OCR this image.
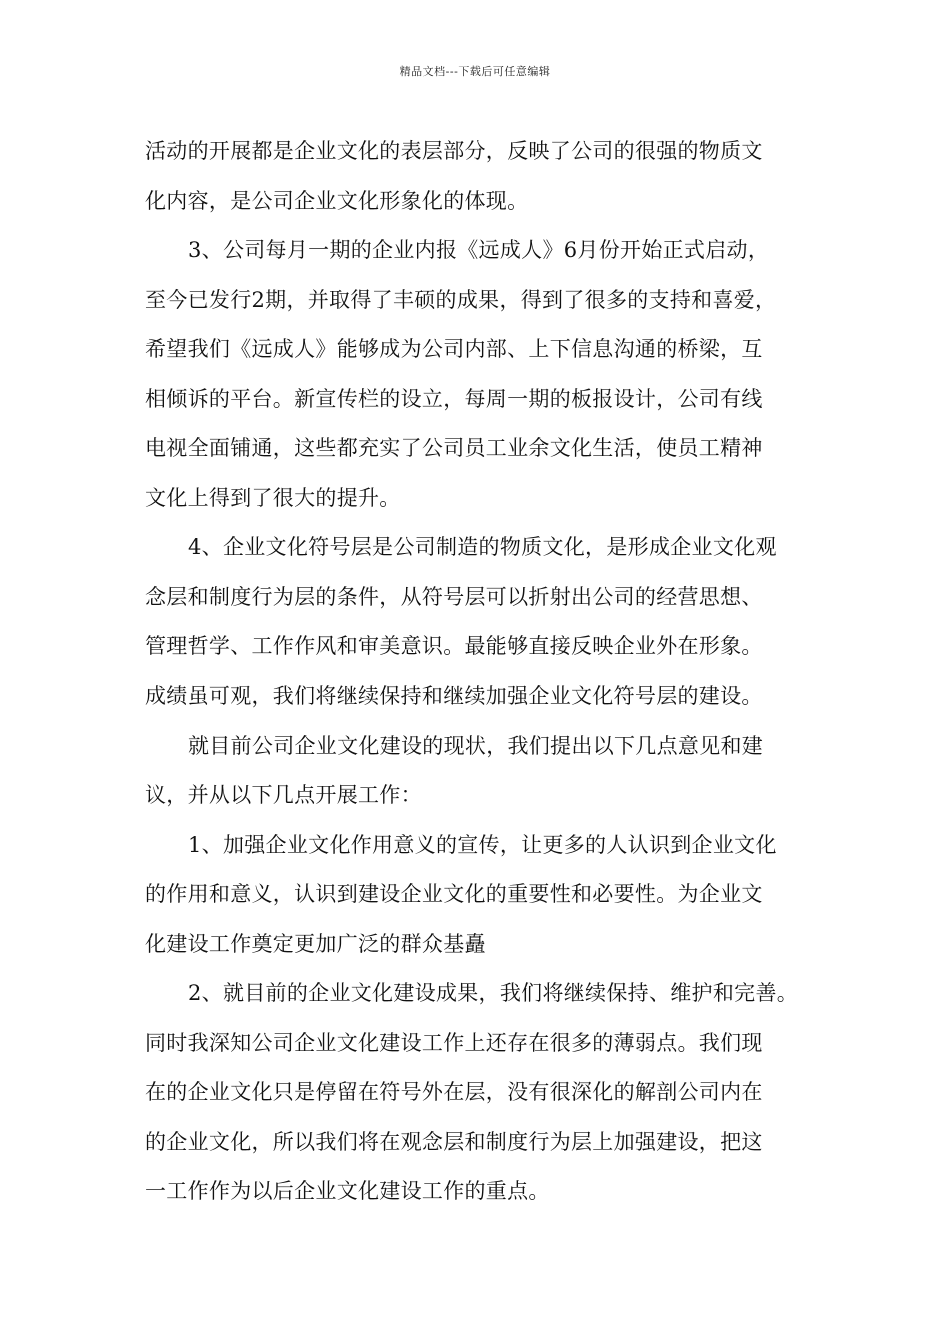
精品文档---下载后可任意编辑
活动的开展都是企业文化的表层部分，反映了公司的很强的物质文
化内容，是公司企业文化形象化的体现。
3、公司每月一期的企业内报《远成人》6月份开始正式启动，
至今已发行2期，并取得了丰硕的成果，得到了很多的支持和喜爱，
希望我们《远成人》能够成为公司内部、上下信息沟通的桥梁，互
相倾诉的平台。新宣传栏的设立，每周一期的板报设计，公司有线
电视全面铺通，这些都充实了公司员工业余文化生活，使员工精神
文化上得到了很大的提升。
4、企业文化符号层是公司制造的物质文化，是形成企业文化观
念层和制度行为层的条件，从符号层可以折射出公司的经营思想、
管理哲学、工作作风和审美意识。最能够直接反映企业外在形象。
成绩虽可观，我们将继续保持和继续加强企业文化符号层的建设。
就目前公司企业文化建设的现状，我们提出以下几点意见和建
议，并从以下几点开展工作：
1、加强企业文化作用意义的宣传，让更多的人认识到企业文化
的作用和意义，认识到建设企业文化的重要性和必要性。为企业文
化建设工作奠定更加广泛的群众基矗
2、就目前的企业文化建设成果，我们将继续保持、维护和完善。
同时我深知公司企业文化建设工作上还存在很多的薄弱点。我们现
在的企业文化只是停留在符号外在层，没有很深化的解剖公司内在
的企业文化，所以我们将在观念层和制度行为层上加强建设，把这
一工作作为以后企业文化建设工作的重点。
